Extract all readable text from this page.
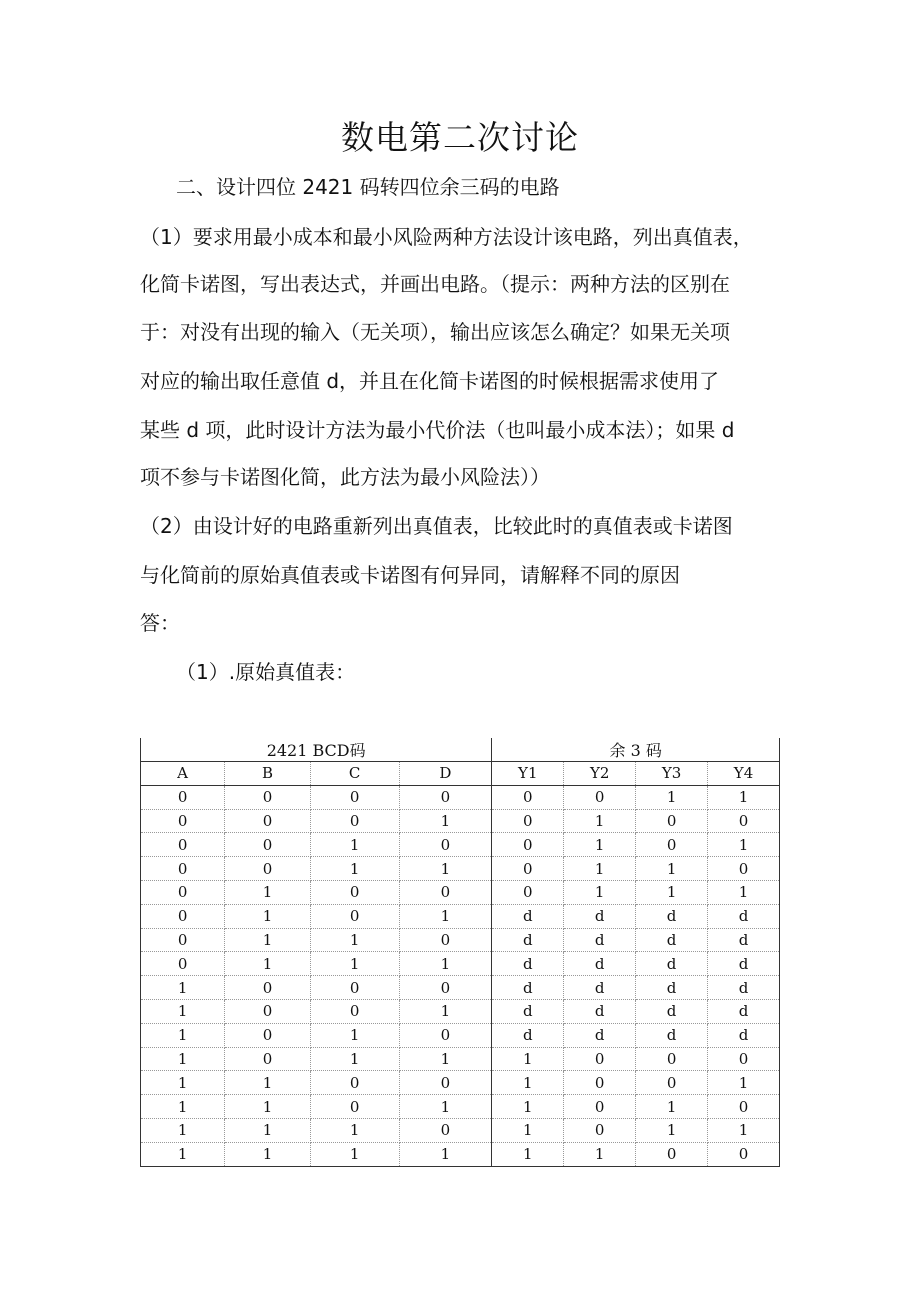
数电第二次讨论
二、设计四位 2421 码转四位余三码的电路
（1）要求用最小成本和最小风险两种方法设计该电路，列出真值表，
化简卡诺图，写出表达式，并画出电路。（提示：两种方法的区别在
于：对没有出现的输入（无关项），输出应该怎么确定？如果无关项
对应的输出取任意值 d，并且在化简卡诺图的时候根据需求使用了
某些 d 项，此时设计方法为最小代价法（也叫最小成本法）；如果 d
项不参与卡诺图化简，此方法为最小风险法））
（2）由设计好的电路重新列出真值表，比较此时的真值表或卡诺图
与化简前的原始真值表或卡诺图有何异同，请解释不同的原因
答：
（1）.原始真值表：
2421 BCD码				余 3 码			
A	B	C	D	Y1	Y2	Y3	Y4
0	0	0	0	0	0	1	1
0	0	0	1	0	1	0	0
0	0	1	0	0	1	0	1
0	0	1	1	0	1	1	0
0	1	0	0	0	1	1	1
0	1	0	1	d	d	d	d
0	1	1	0	d	d	d	d
0	1	1	1	d	d	d	d
1	0	0	0	d	d	d	d
1	0	0	1	d	d	d	d
1	0	1	0	d	d	d	d
1	0	1	1	1	0	0	0
1	1	0	0	1	0	0	1
1	1	0	1	1	0	1	0
1	1	1	0	1	0	1	1
1	1	1	1	1	1	0	0
